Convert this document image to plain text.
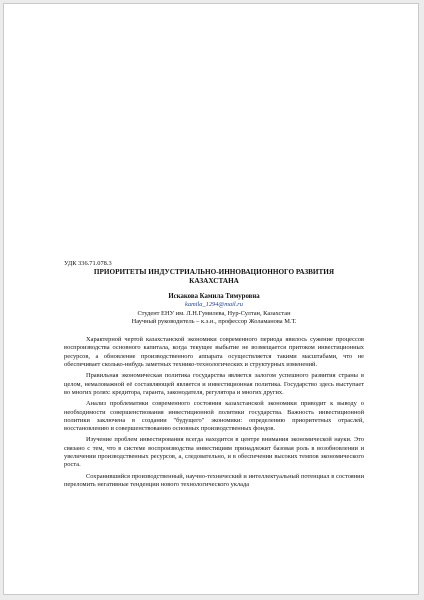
УДК 336.71.078.3

ПРИОРИТЕТЫ ИНДУСТРИАЛЬНО-ИННОВАЦИОННОГО РАЗВИТИЯ

КАЗАХСТАНА

Искакова Камила Тимуровна

kamila_1294@mail.ru

Студент ЕНУ им. Л.Н.Гумилева, Нур-Султан, Казахстан

Научный руководитель – к.э.н., профессор Жоламанова М.Т.

Характерной чертой казахстанской экономики современного периода явилось сужение процессов воспроизводства основного капитала, когда текущее выбытие не возмещается притоком инвестиционных ресурсов, а обновление производственного аппарата осуществляется такими масштабами, что не обеспечивает сколько-нибудь заметных технико-технологических и структурных изменений.

Правильная экономическая политика государства является залогом успешного развития страны в целом, немаловажной её составляющей является и инвестиционная политика. Государство здесь выступает во многих ролях: кредитора, гаранта, законодателя, регулятора и многих других.

Анализ проблематики современного состояния казахстанской экономики приводит к выводу о необходимости совершенствования инвестиционной политики государства. Важность инвестиционной политики заключена в создании "будущего" экономики: определению приоритетных отраслей, восстановлению и совершенствованию основных производственных фондов.

Изучение проблем инвестирования всегда находится в центре внимания экономической науки. Это связано с тем, что в системе воспроизводства инвестициям принадлежит базовая роль в возобновлении и увеличении производственных ресурсов, а, следовательно, и в обеспечении высоких темпов экономического роста.

Сохранившийся производственный, научно-технический и интеллектуальный потенциал в состоянии переломить негативные тенденции нового технологического уклада
